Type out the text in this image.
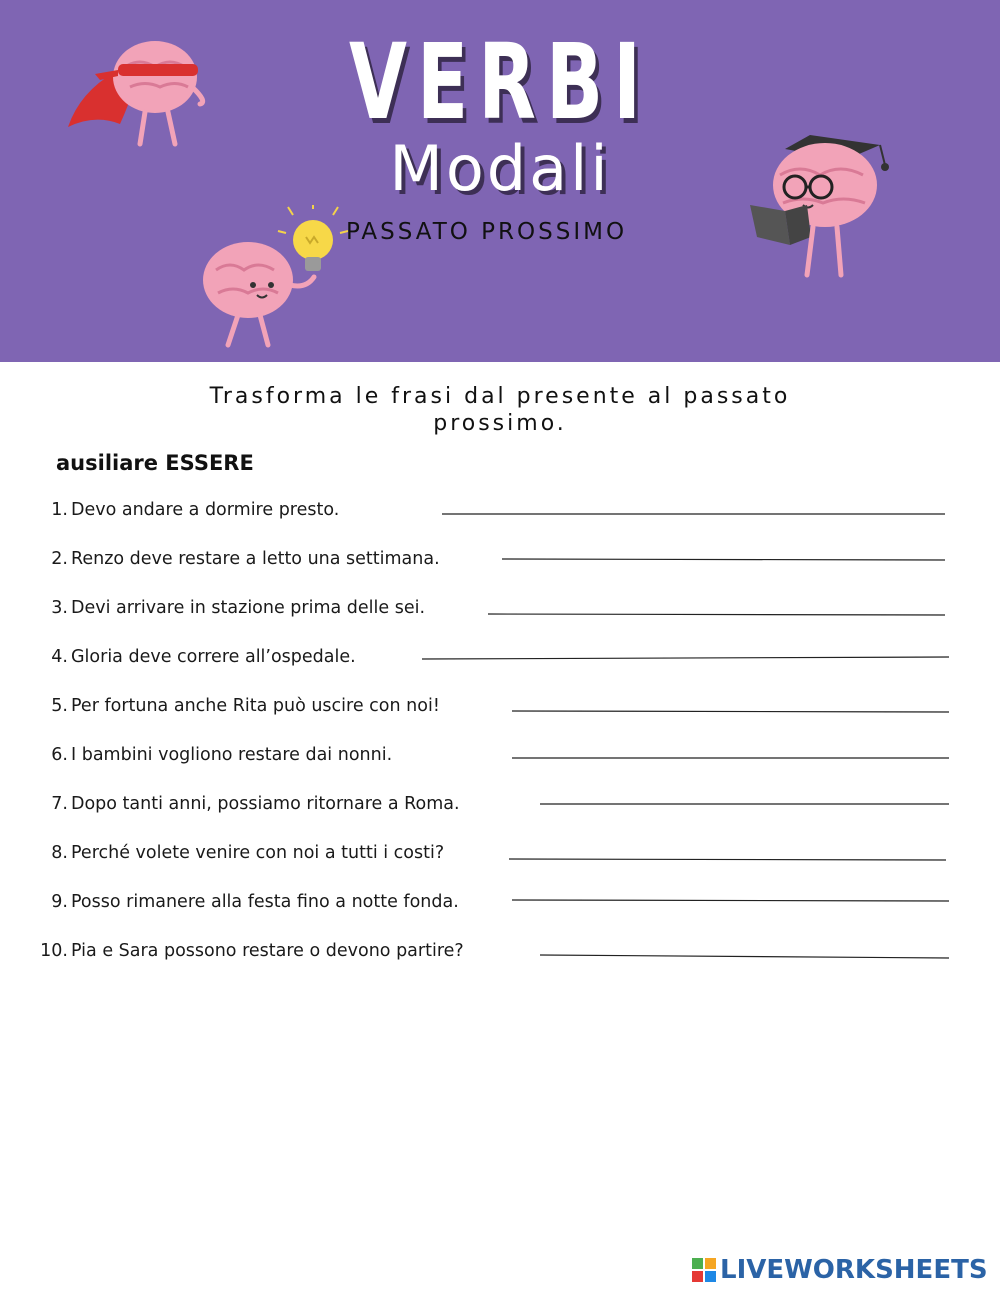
VERBI
Modali
PASSATO PROSSIMO
Trasforma le frasi dal presente al passato
prossimo.
ausiliare ESSERE
1. Devo andare a dormire presto.
2. Renzo deve restare a letto una settimana.
3. Devi arrivare in stazione prima delle sei.
4. Gloria deve correre all’ospedale.
5. Per fortuna anche Rita può uscire con noi!
6. I bambini vogliono restare dai nonni.
7. Dopo tanti anni, possiamo ritornare a Roma.
8. Perché volete venire con noi a tutti i costi?
9. Posso rimanere alla festa fino a notte fonda.
10. Pia e Sara possono restare o devono partire?
LIVEWORKSHEETS
